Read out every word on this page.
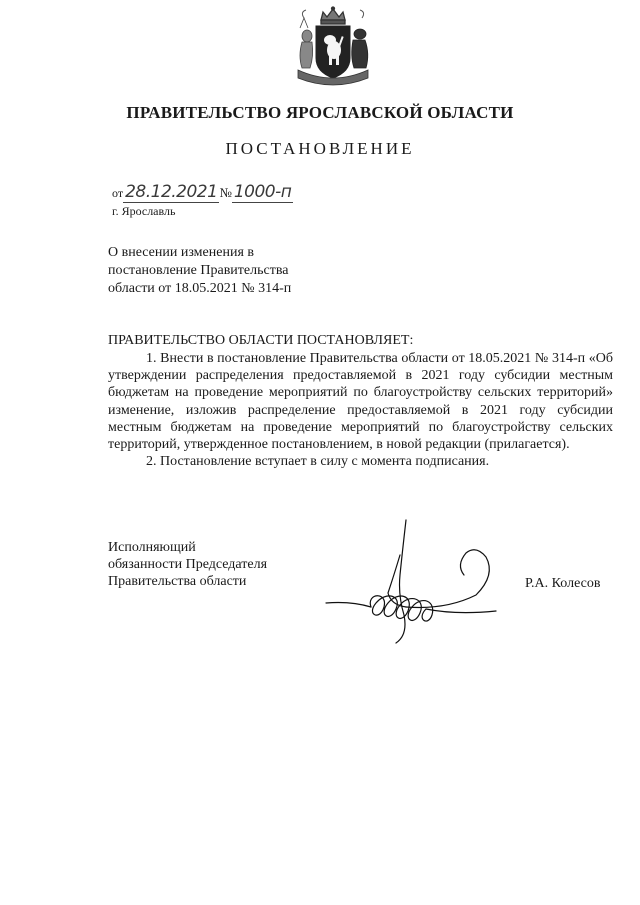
ПРАВИТЕЛЬСТВО ЯРОСЛАВСКОЙ ОБЛАСТИ
ПОСТАНОВЛЕНИЕ
от 28.12.2021 № 1000-п
г. Ярославль
О внесении изменения в
постановление Правительства
области от 18.05.2021 № 314-п
ПРАВИТЕЛЬСТВО ОБЛАСТИ ПОСТАНОВЛЯЕТ:

1. Внести в постановление Правительства области от 18.05.2021 № 314-п «Об утверждении распределения предоставляемой в 2021 году субсидии местным бюджетам на проведение мероприятий по благоустройству сельских территорий» изменение, изложив распределение предоставляемой в 2021 году субсидии местным бюджетам на проведение мероприятий по благоустройству сельских территорий, утвержденное постановлением, в новой редакции (прилагается).

2. Постановление вступает в силу с момента подписания.

Исполняющий
обязанности Председателя
Правительства области	Р.А. Колесов
